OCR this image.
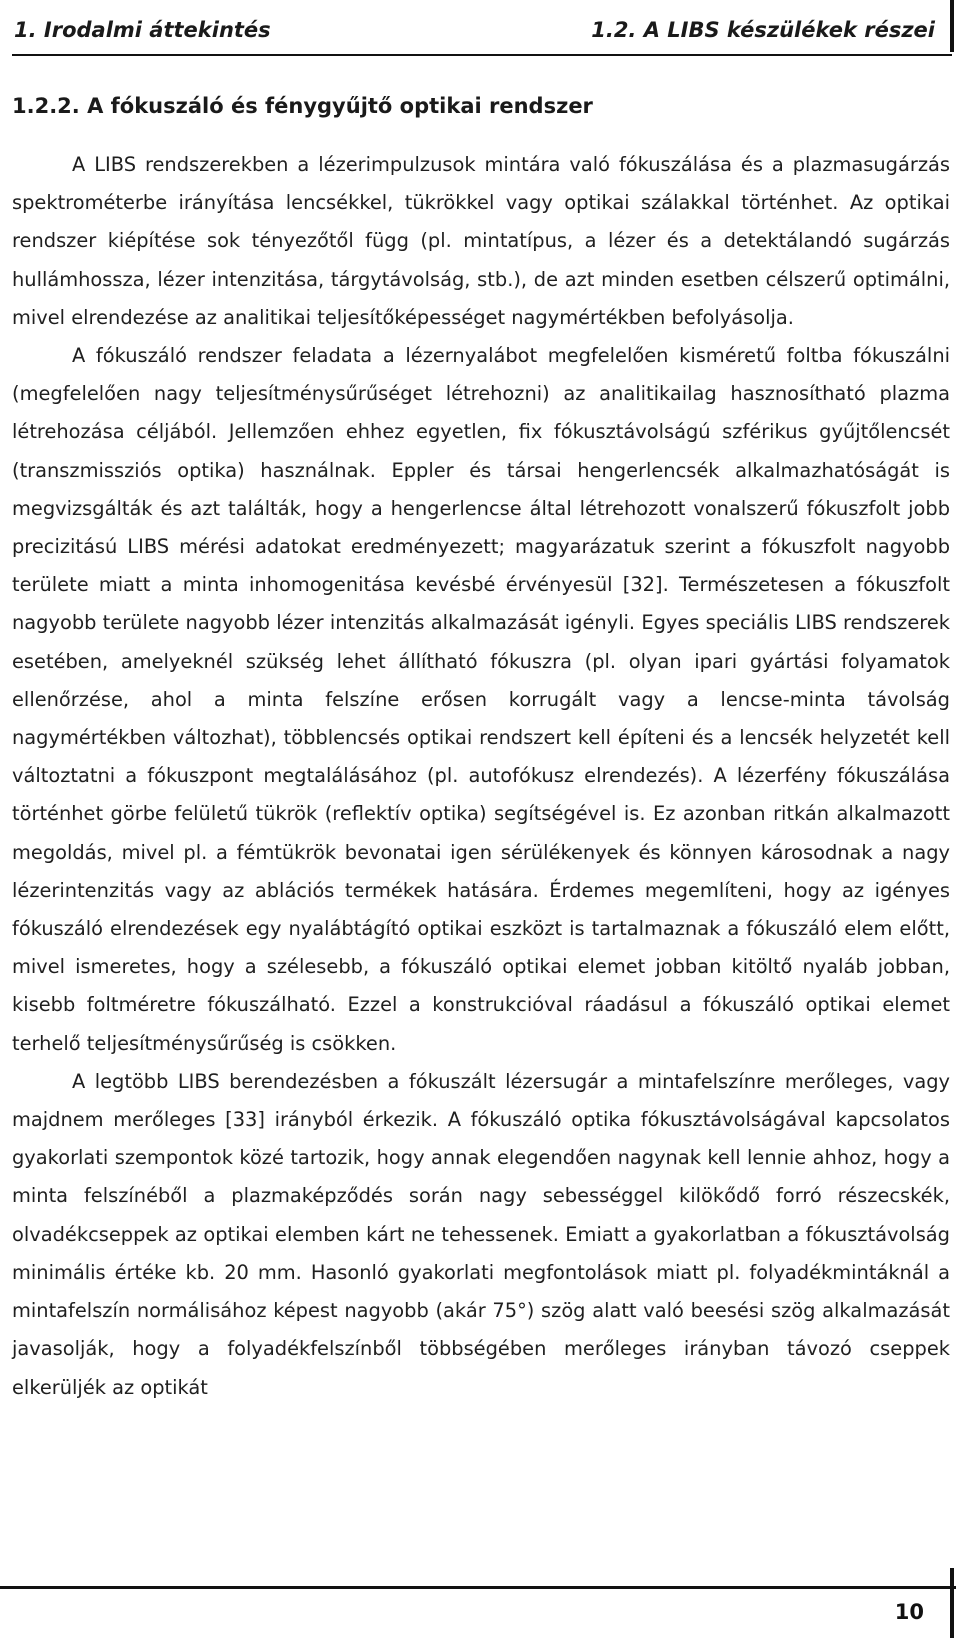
1. Irodalmi áttekintés	1.2. A LIBS készülékek részei
1.2.2. A fókuszáló és fénygyűjtő optikai rendszer

A LIBS rendszerekben a lézerimpulzusok mintára való fókuszálása és a plazmasugárzás spektrométerbe irányítása lencsékkel, tükrökkel vagy optikai szálakkal történhet. Az optikai rendszer kiépítése sok tényezőtől függ (pl. mintatípus, a lézer és a detektálandó sugárzás hullámhossza, lézer intenzitása, tárgytávolság, stb.), de azt minden esetben célszerű optimálni, mivel elrendezése az analitikai teljesítőképességet nagymértékben befolyásolja.

A fókuszáló rendszer feladata a lézernyalábot megfelelően kisméretű foltba fókuszálni (megfelelően nagy teljesítménysűrűséget létrehozni) az analitikailag hasznosítható plazma létrehozása céljából. Jellemzően ehhez egyetlen, fix fókusztávolságú szférikus gyűjtőlencsét (transzmissziós optika) használnak. Eppler és társai hengerlencsék alkalmazhatóságát is megvizsgálták és azt találták, hogy a hengerlencse által létrehozott vonalszerű fókuszfolt jobb precizitású LIBS mérési adatokat eredményezett; magyarázatuk szerint a fókuszfolt nagyobb területe miatt a minta inhomogenitása kevésbé érvényesül [32]. Természetesen a fókuszfolt nagyobb területe nagyobb lézer intenzitás alkalmazását igényli. Egyes speciális LIBS rendszerek esetében, amelyeknél szükség lehet állítható fókuszra (pl. olyan ipari gyártási folyamatok ellenőrzése, ahol a minta felszíne erősen korrugált vagy a lencse-minta távolság nagymértékben változhat), többlencsés optikai rendszert kell építeni és a lencsék helyzetét kell változtatni a fókuszpont megtalálásához (pl. autofókusz elrendezés). A lézerfény fókuszálása történhet görbe felületű tükrök (reflektív optika) segítségével is. Ez azonban ritkán alkalmazott megoldás, mivel pl. a fémtükrök bevonatai igen sérülékenyek és könnyen károsodnak a nagy lézerintenzitás vagy az ablációs termékek hatására. Érdemes megemlíteni, hogy az igényes fókuszáló elrendezések egy nyalábtágító optikai eszközt is tartalmaznak a fókuszáló elem előtt, mivel ismeretes, hogy a szélesebb, a fókuszáló optikai elemet jobban kitöltő nyaláb jobban, kisebb foltméretre fókuszálható. Ezzel a konstrukcióval ráadásul a fókuszáló optikai elemet terhelő teljesítménysűrűség is csökken.

A legtöbb LIBS berendezésben a fókuszált lézersugár a mintafelszínre merőleges, vagy majdnem merőleges [33] irányból érkezik. A fókuszáló optika fókusztávolságával kapcsolatos gyakorlati szempontok közé tartozik, hogy annak elegendően nagynak kell lennie ahhoz, hogy a minta felszínéből a plazmaképződés során nagy sebességgel kilökődő forró részecskék, olvadékcseppek az optikai elemben kárt ne tehessenek. Emiatt a gyakorlatban a fókusztávolság minimális értéke kb. 20 mm. Hasonló gyakorlati megfontolások miatt pl. folyadékmintáknál a mintafelszín normálisához képest nagyobb (akár 75°) szög alatt való beesési szög alkalmazását javasolják, hogy a folyadékfelszínből többségében merőleges irányban távozó cseppek elkerüljék az optikát

10
